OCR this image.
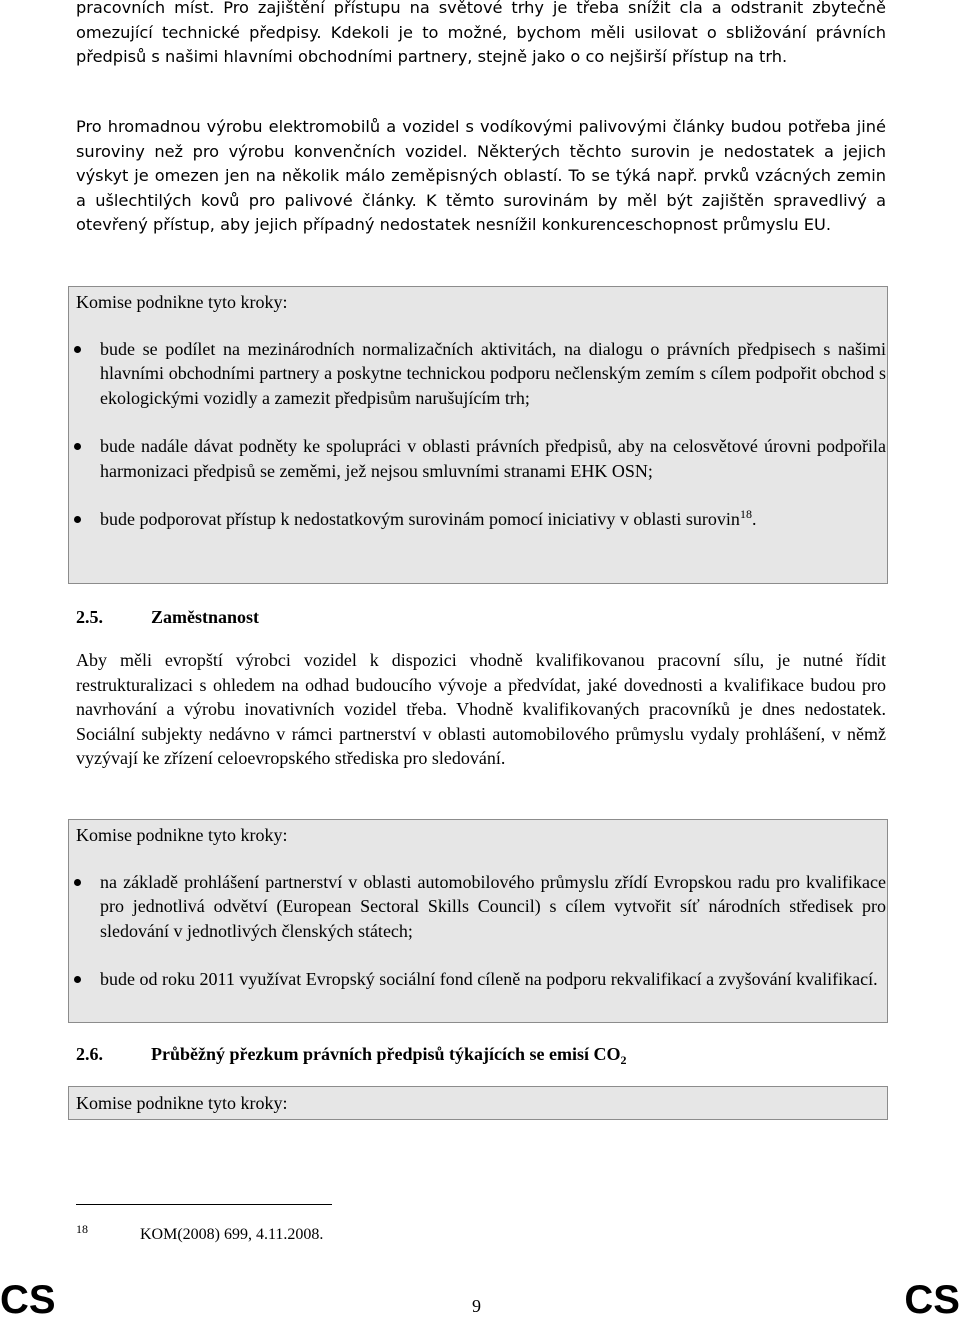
pracovních míst. Pro zajištění přístupu na světové trhy je třeba snížit cla a odstranit zbytečně omezující technické předpisy. Kdekoli je to možné, bychom měli usilovat o sbližování právních předpisů s našimi hlavními obchodními partnery, stejně jako o co nejširší přístup na trh.

Pro hromadnou výrobu elektromobilů a vozidel s vodíkovými palivovými články budou potřeba jiné suroviny než pro výrobu konvenčních vozidel. Některých těchto surovin je nedostatek a jejich výskyt je omezen jen na několik málo zeměpisných oblastí. To se týká např. prvků vzácných zemin a ušlechtilých kovů pro palivové články. K těmto surovinám by měl být zajištěn spravedlivý a otevřený přístup, aby jejich případný nedostatek nesnížil konkurenceschopnost průmyslu EU.

Komise podnikne tyto kroky:
bude se podílet na mezinárodních normalizačních aktivitách, na dialogu o právních předpisech s našimi hlavními obchodními partnery a poskytne technickou podporu nečlenským zemím s cílem podpořit obchod s ekologickými vozidly a zamezit předpisům narušujícím trh;
bude nadále dávat podněty ke spolupráci v oblasti právních předpisů, aby na celosvětové úrovni podpořila harmonizaci předpisů se zeměmi, jež nejsou smluvními stranami EHK OSN;
bude podporovat přístup k nedostatkovým surovinám pomocí iniciativy v oblasti surovin$^{18}$.
2.5.	Zaměstnanost

Aby měli evropští výrobci vozidel k dispozici vhodně kvalifikovanou pracovní sílu, je nutné řídit restrukturalizaci s ohledem na odhad budoucího vývoje a předvídat, jaké dovednosti a kvalifikace budou pro navrhování a výrobu inovativních vozidel třeba. Vhodně kvalifikovaných pracovníků je dnes nedostatek. Sociální subjekty nedávno v rámci partnerství v oblasti automobilového průmyslu vydaly prohlášení, v němž vyzývají ke zřízení celoevropského střediska pro sledování.

Komise podnikne tyto kroky:
na základě prohlášení partnerství v oblasti automobilového průmyslu zřídí Evropskou radu pro kvalifikace pro jednotlivá odvětví (European Sectoral Skills Council) s cílem vytvořit síť národních středisek pro sledování v jednotlivých členských státech;
bude od roku 2011 využívat Evropský sociální fond cíleně na podporu rekvalifikací a zvyšování kvalifikací.
2.6.	Průběžný přezkum právních předpisů týkajících se emisí $CO_2$
Komise podnikne tyto kroky:
18	KOM(2008) 699, 4.11.2008.
CS	9	CS
